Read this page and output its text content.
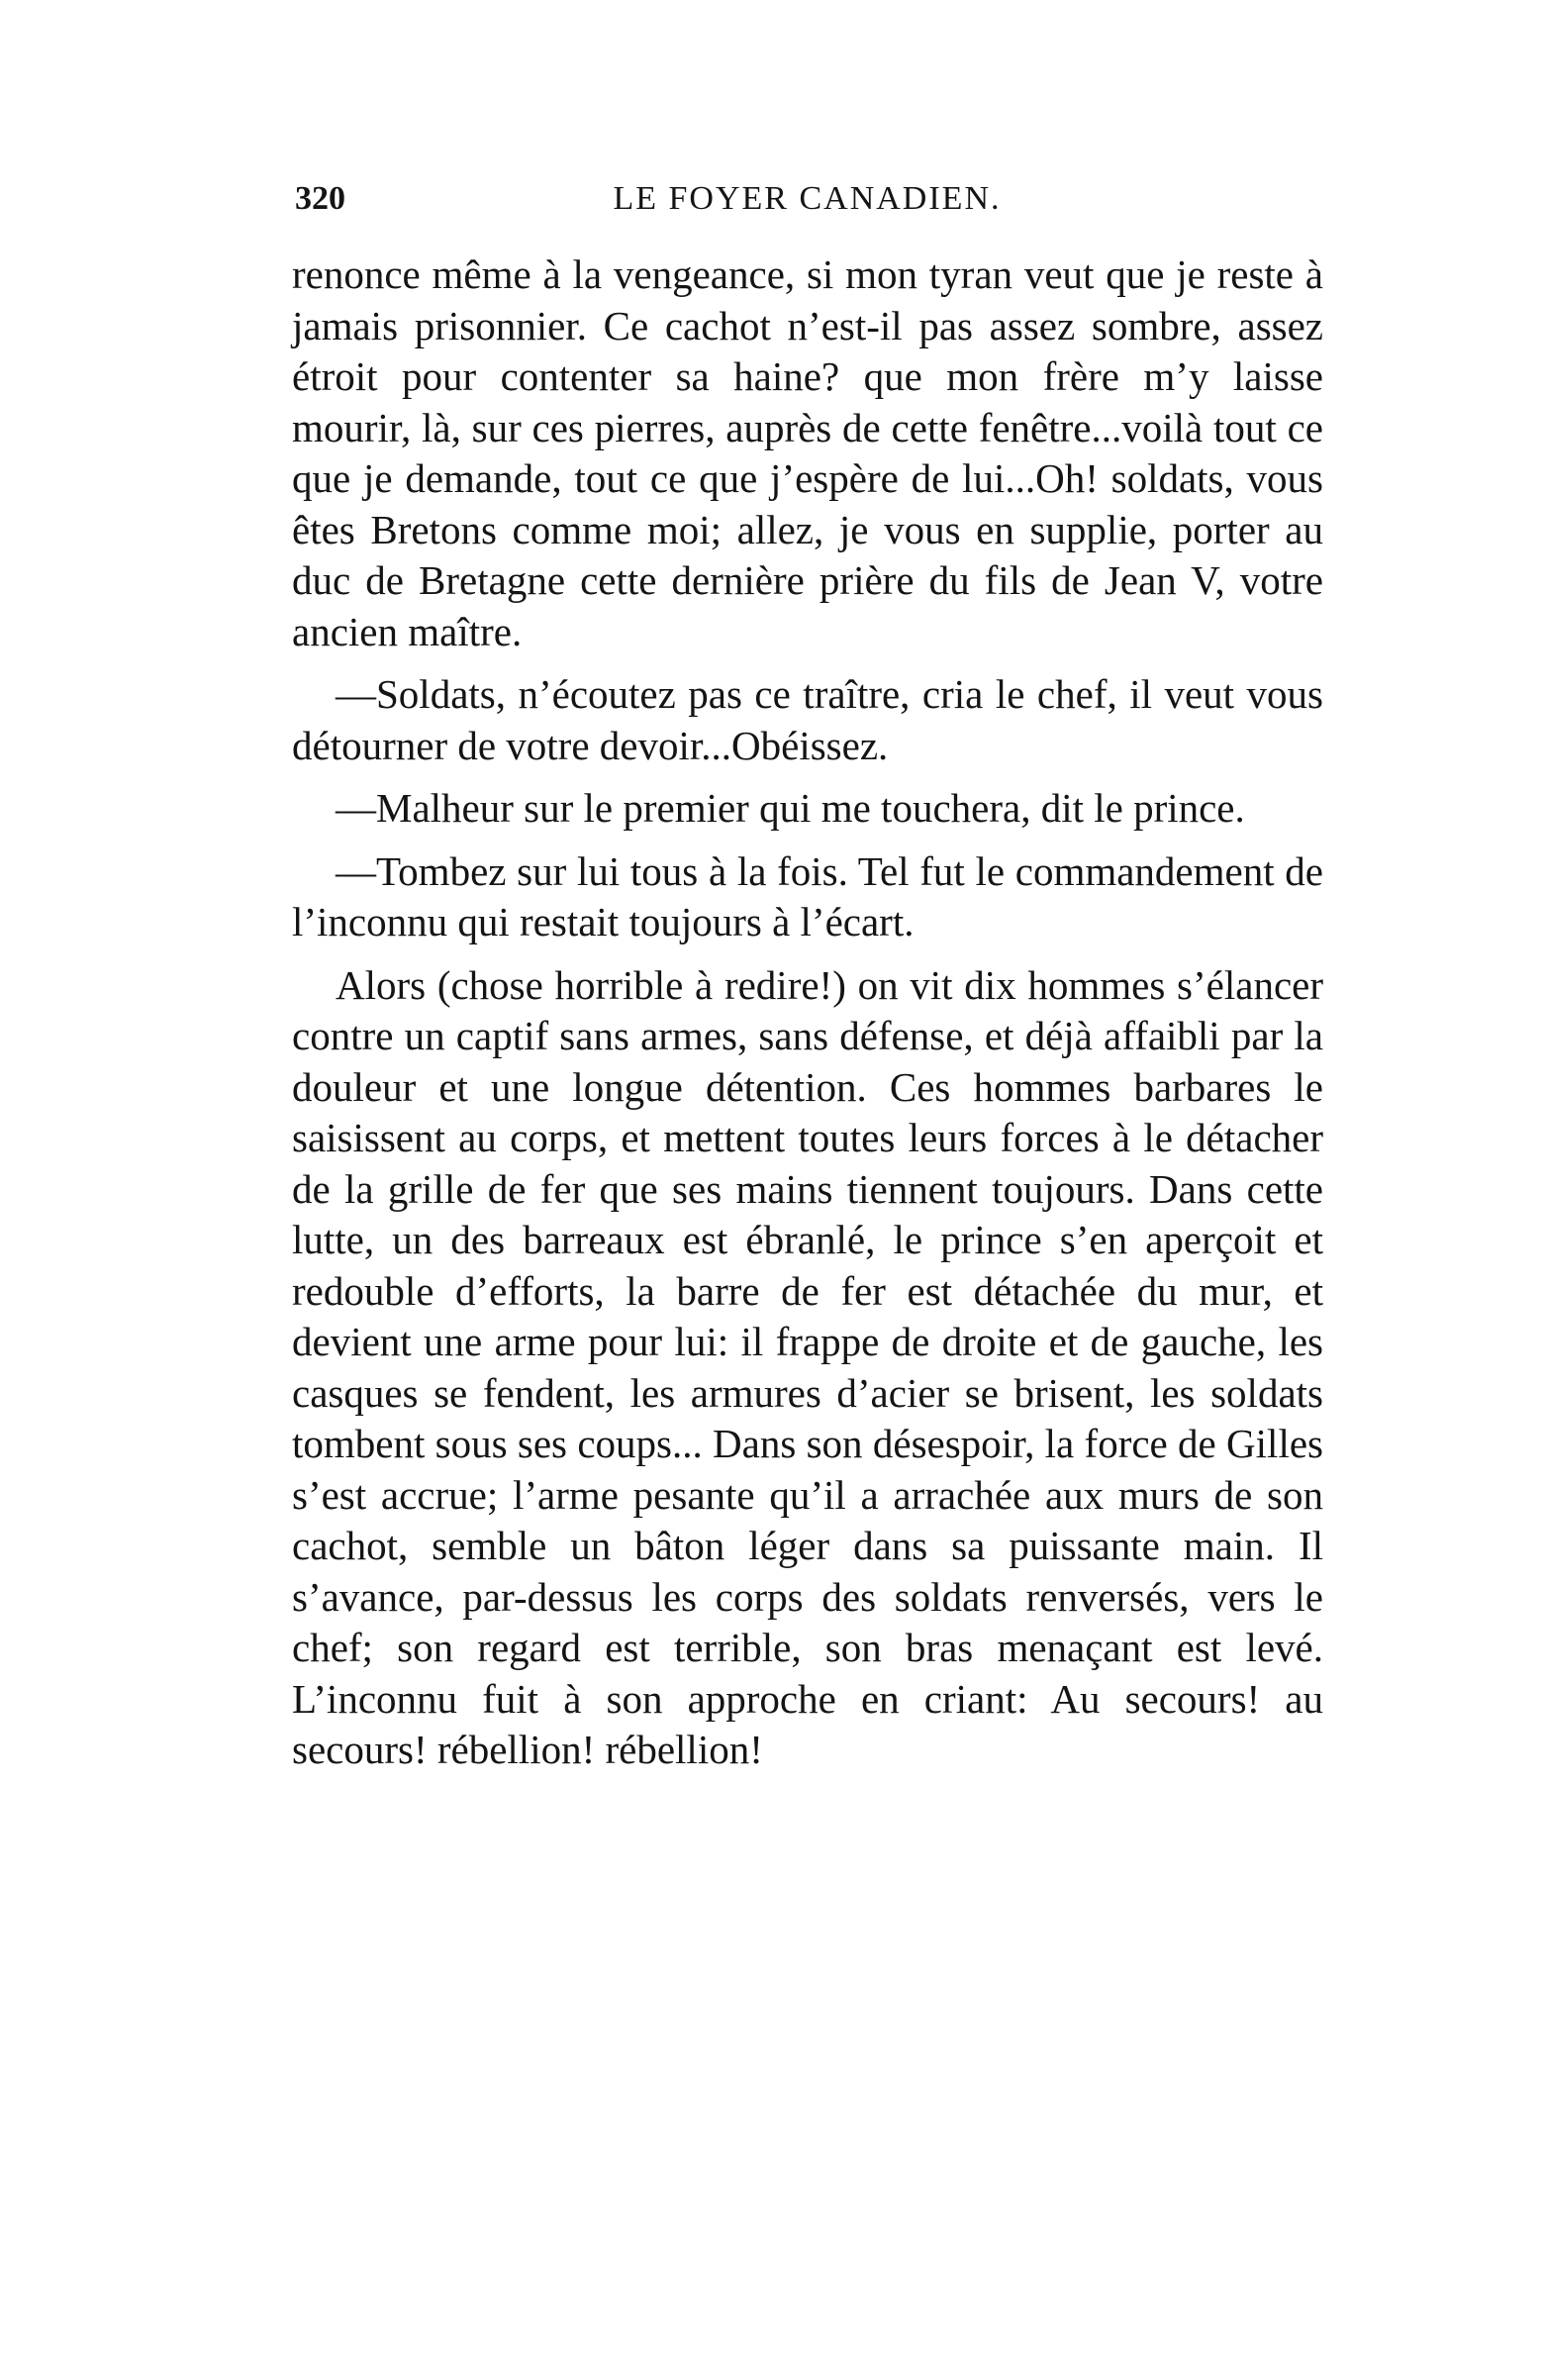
320	LE FOYER CANADIEN.

renonce même à la vengeance, si mon tyran veut que je reste à jamais prisonnier. Ce cachot n’est-il pas assez sombre, assez étroit pour contenter sa haine? que mon frère m’y laisse mourir, là, sur ces pierres, auprès de cette fenêtre...voilà tout ce que je demande, tout ce que j’espère de lui...Oh! soldats, vous êtes Bretons comme moi; allez, je vous en supplie, porter au duc de Bretagne cette dernière prière du fils de Jean V, votre ancien maître.

—Soldats, n’écoutez pas ce traître, cria le chef, il veut vous détourner de votre devoir...Obéissez.

—Malheur sur le premier qui me touchera, dit le prince.

—Tombez sur lui tous à la fois. Tel fut le commandement de l’inconnu qui restait toujours à l’écart.

Alors (chose horrible à redire!) on vit dix hommes s’élancer contre un captif sans armes, sans défense, et déjà affaibli par la douleur et une longue détention. Ces hommes barbares le saisissent au corps, et mettent toutes leurs forces à le détacher de la grille de fer que ses mains tiennent toujours. Dans cette lutte, un des barreaux est ébranlé, le prince s’en aperçoit et redouble d’efforts, la barre de fer est détachée du mur, et devient une arme pour lui: il frappe de droite et de gauche, les casques se fendent, les armures d’acier se brisent, les soldats tombent sous ses coups... Dans son désespoir, la force de Gilles s’est accrue; l’arme pesante qu’il a arrachée aux murs de son cachot, semble un bâton léger dans sa puissante main. Il s’avance, par-dessus les corps des soldats renversés, vers le chef; son regard est terrible, son bras menaçant est levé. L’inconnu fuit à son approche en criant: Au secours! au secours! rébellion! rébellion!
